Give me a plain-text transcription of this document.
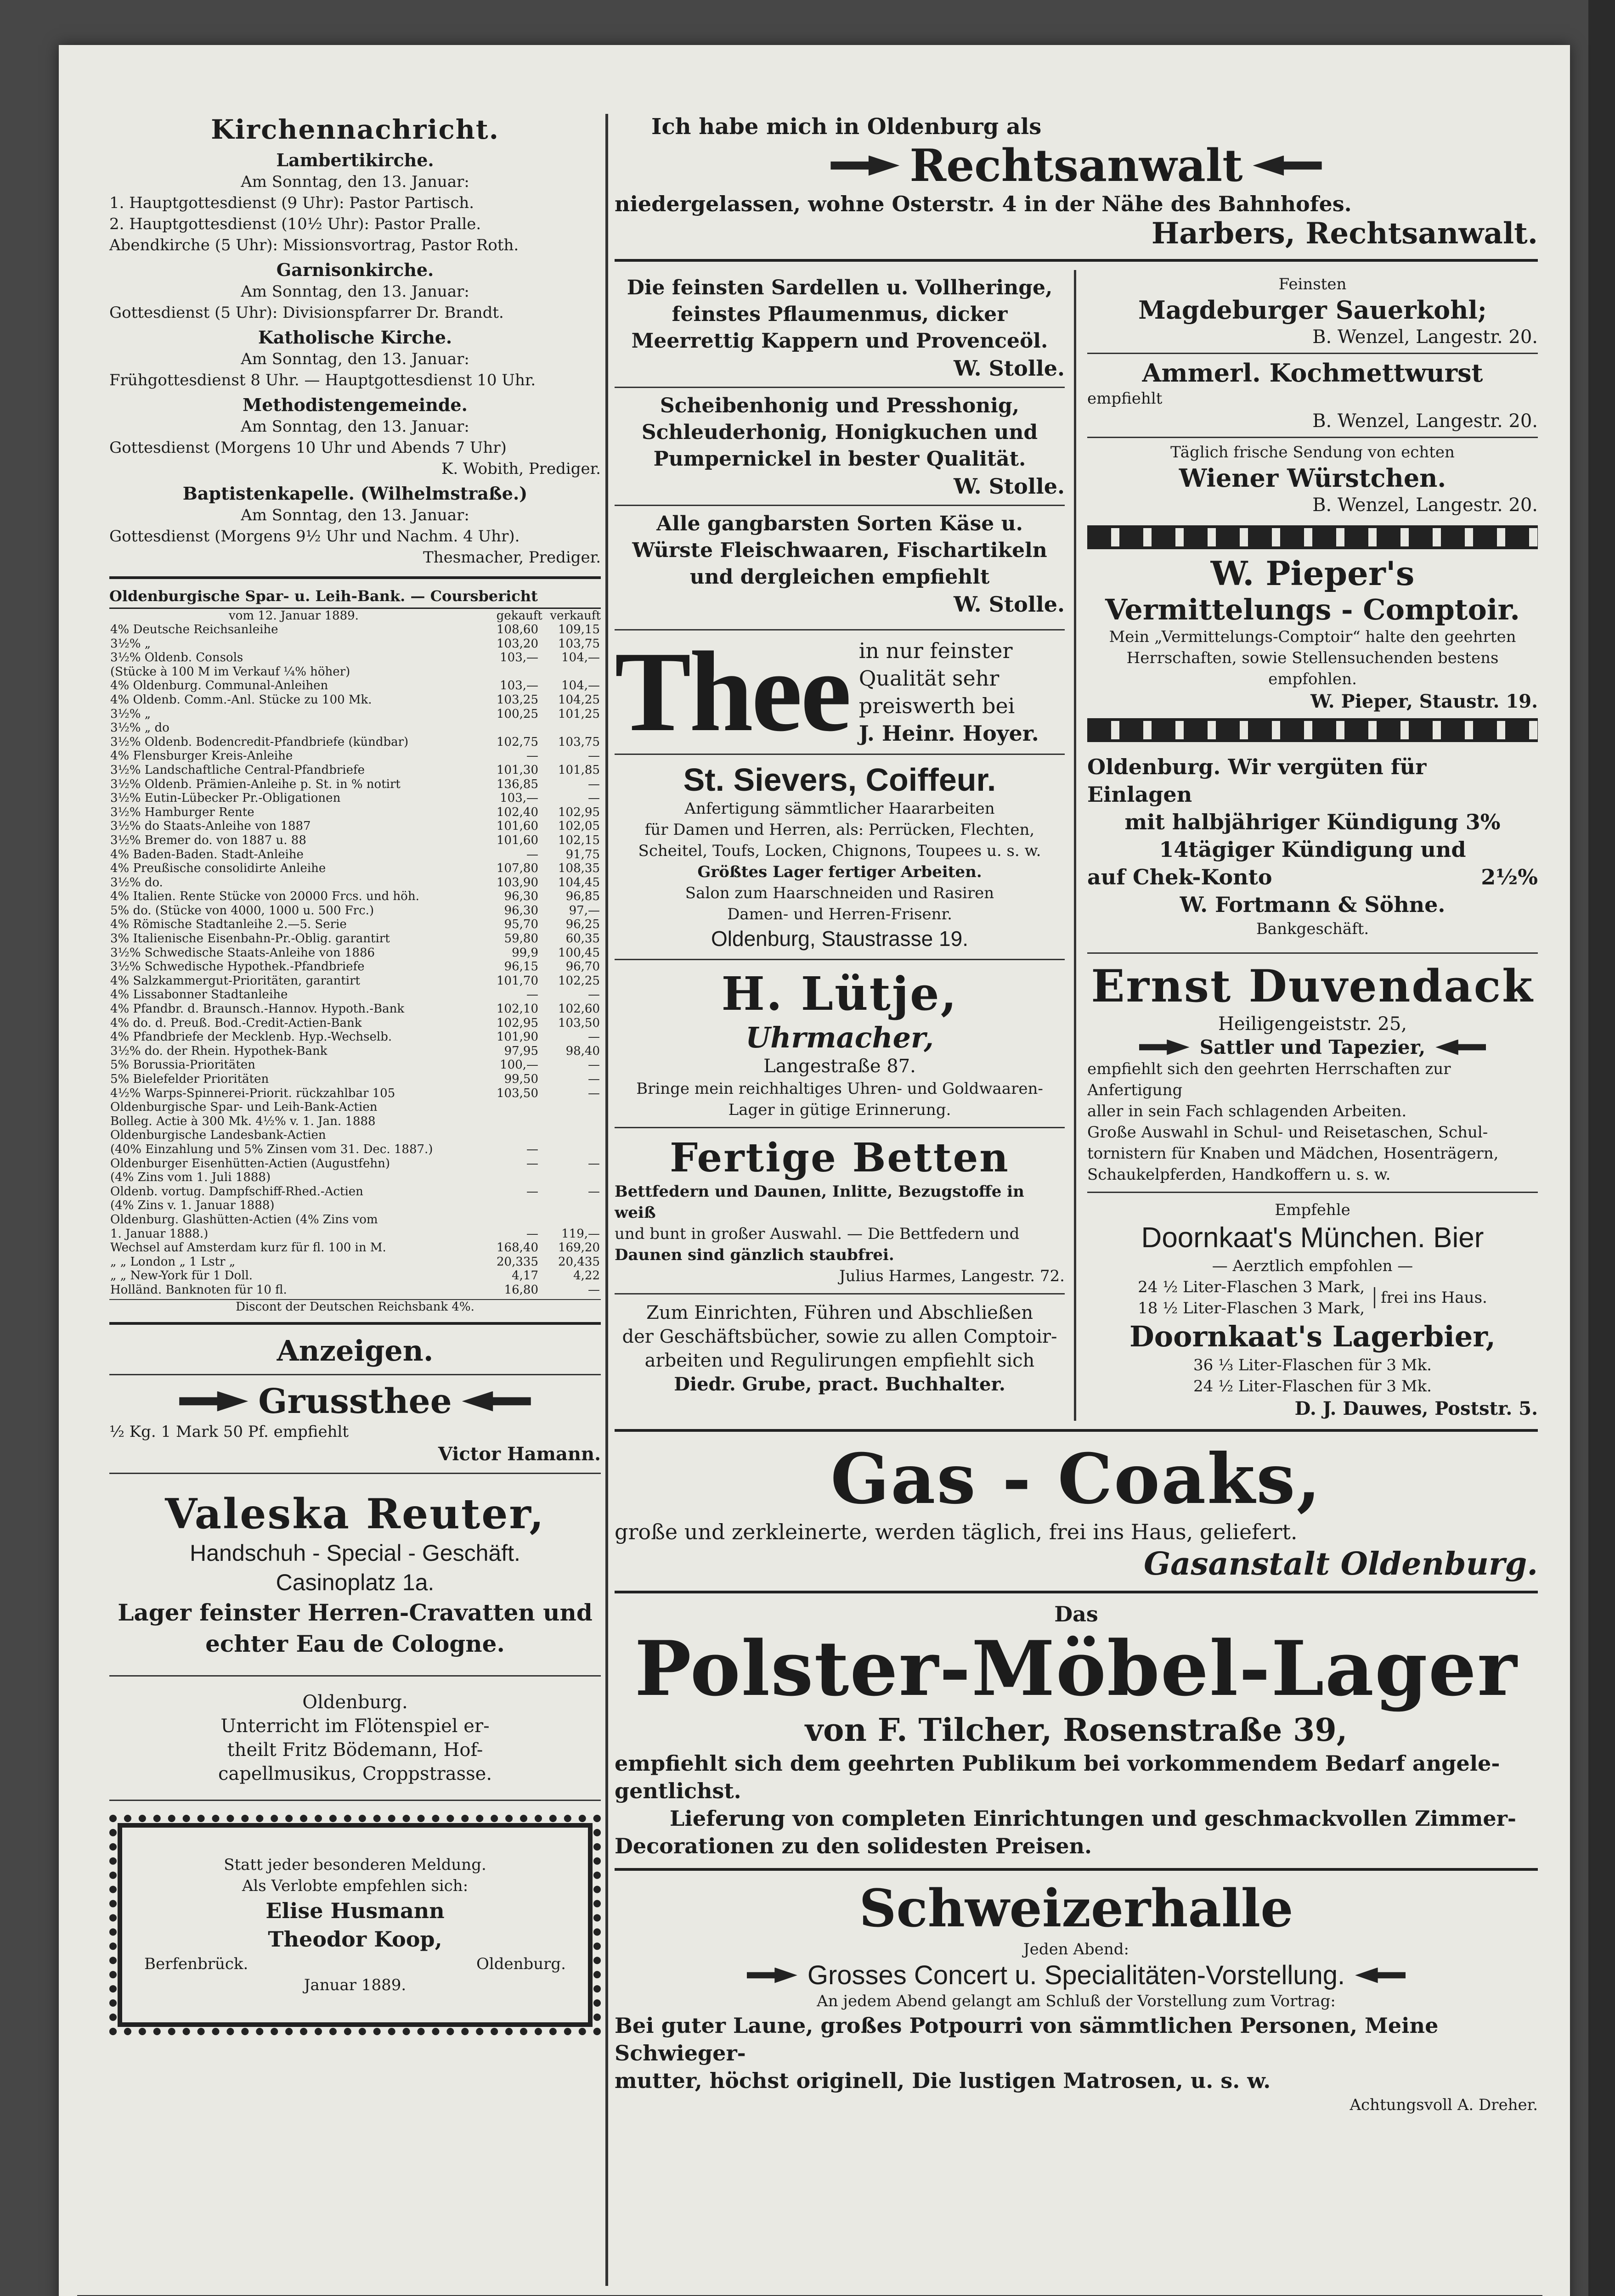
Kirchennachricht.
Lambertikirche.
Am Sonntag, den 13. Januar:
1. Hauptgottesdienst (9 Uhr): Pastor Partisch.
2. Hauptgottesdienst (10½ Uhr): Pastor Pralle.
Abendkirche (5 Uhr): Missionsvortrag, Pastor Roth.
Garnisonkirche.
Am Sonntag, den 13. Januar:
Gottesdienst (5 Uhr): Divisionspfarrer Dr. Brandt.
Katholische Kirche.
Am Sonntag, den 13. Januar:
Frühgottesdienst 8 Uhr. — Hauptgottesdienst 10 Uhr.
Methodistengemeinde.
Am Sonntag, den 13. Januar:
Gottesdienst (Morgens 10 Uhr und Abends 7 Uhr)
K. Wobith, Prediger.
Baptistenkapelle. (Wilhelmstraße.)
Am Sonntag, den 13. Januar:
Gottesdienst (Morgens 9½ Uhr und Nachm. 4 Uhr).
Thesmacher, Prediger.
Oldenburgische Spar- u. Leih-Bank. — Coursbericht
vom 12. Januar 1889.	gekauft verkauft
4% Deutsche Reichsanleihe	108,60	109,15
3½% „	103,20	103,75
3½% Oldenb. Consols	103,—	104,—
(Stücke à 100 M im Verkauf ¼% höher)		
4% Oldenburg. Communal-Anleihen	103,—	104,—
4% Oldenb. Comm.-Anl. Stücke zu 100 Mk.	103,25	104,25
3½% „	100,25	101,25
3½% „ do		
3½% Oldenb. Bodencredit-Pfandbriefe (kündbar)	102,75	103,75
4% Flensburger Kreis-Anleihe	—	—
3½% Landschaftliche Central-Pfandbriefe	101,30	101,85
3½% Oldenb. Prämien-Anleihe p. St. in % notirt	136,85	—
3½% Eutin-Lübecker Pr.-Obligationen	103,—	—
3½% Hamburger Rente	102,40	102,95
3½% do Staats-Anleihe von 1887	101,60	102,05
3½% Bremer do. von 1887 u. 88	101,60	102,15
4% Baden-Baden. Stadt-Anleihe	—	91,75
4% Preußische consolidirte Anleihe	107,80	108,35
3½% do.	103,90	104,45
4% Italien. Rente Stücke von 20000 Frcs. und höh.	96,30	96,85
5% do. (Stücke von 4000, 1000 u. 500 Frc.)	96,30	97,—
4% Römische Stadtanleihe 2.—5. Serie	95,70	96,25
3% Italienische Eisenbahn-Pr.-Oblig. garantirt	59,80	60,35
3½% Schwedische Staats-Anleihe von 1886	99,9	100,45
3½% Schwedische Hypothek.-Pfandbriefe	96,15	96,70
4% Salzkammergut-Prioritäten, garantirt	101,70	102,25
4% Lissabonner Stadtanleihe	—	—
4% Pfandbr. d. Braunsch.-Hannov. Hypoth.-Bank	102,10	102,60
4% do. d. Preuß. Bod.-Credit-Actien-Bank	102,95	103,50
4% Pfandbriefe der Mecklenb. Hyp.-Wechselb.	101,90	—
3½% do. der Rhein. Hypothek-Bank	97,95	98,40
5% Borussia-Prioritäten	100,—	—
5% Bielefelder Prioritäten	99,50	—
4½% Warps-Spinnerei-Priorit. rückzahlbar 105	103,50	—
Oldenburgische Spar- und Leih-Bank-Actien		
Bolleg. Actie à 300 Mk. 4½% v. 1. Jan. 1888		
Oldenburgische Landesbank-Actien		
(40% Einzahlung und 5% Zinsen vom 31. Dec. 1887.)	—	
Oldenburger Eisenhütten-Actien (Augustfehn)	—	—
(4% Zins vom 1. Juli 1888)		
Oldenb. vortug. Dampfschiff-Rhed.-Actien	—	—
(4% Zins v. 1. Januar 1888)		
Oldenburg. Glashütten-Actien (4% Zins vom		
1. Januar 1888.)	—	119,—
Wechsel auf Amsterdam kurz für fl. 100 in M.	168,40	169,20
„ „ London „ 1 Lstr „	20,335	20,435
„ „ New-York für 1 Doll.	4,17	4,22
Holländ. Banknoten für 10 fl.	16,80	—
Discont der Deutschen Reichsbank 4%.
Anzeigen.
Grussthee
½ Kg. 1 Mark 50 Pf. empfiehlt
Victor Hamann.
Valeska Reuter,
Handschuh - Special - Geschäft.
Casinoplatz 1a.
Lager feinster Herren-Cravatten und
echter Eau de Cologne.
Oldenburg.
Unterricht im Flötenspiel er-
theilt Fritz Bödemann, Hof-
capellmusikus, Croppstrasse.
Statt jeder besonderen Meldung.
Als Verlobte empfehlen sich:
Elise Husmann
Theodor Koop,
Berfenbrück.	Oldenburg.
Januar 1889.
Ich habe mich in Oldenburg als
Rechtsanwalt
niedergelassen, wohne Osterstr. 4 in der Nähe des Bahnhofes.
Harbers, Rechtsanwalt.
Die feinsten Sardellen u. Vollheringe, feinstes Pflaumenmus, dicker Meerrettig Kappern und Provenceöl.
W. Stolle.
Scheibenhonig und Presshonig, Schleuderhonig, Honigkuchen und Pumpernickel in bester Qualität.
W. Stolle.
Alle gangbarsten Sorten Käse u. Würste Fleischwaaren, Fischartikeln und dergleichen empfiehlt
W. Stolle.
Thee in nur feinster
Qualität sehr
preiswerth bei
J. Heinr. Hoyer.
St. Sievers, Coiffeur.
Anfertigung sämmtlicher Haararbeiten
für Damen und Herren, als: Perrücken, Flechten,
Scheitel, Toufs, Locken, Chignons, Toupees u. s. w.
Größtes Lager fertiger Arbeiten.
Salon zum Haarschneiden und Rasiren
Damen- und Herren-Frisenr.
Oldenburg, Staustrasse 19.
H. Lütje,
Uhrmacher,
Langestraße 87.
Bringe mein reichhaltiges Uhren- und Goldwaaren-
Lager in gütige Erinnerung.
Fertige Betten
Bettfedern und Daunen, Inlitte, Bezugstoffe in weiß
und bunt in großer Auswahl. — Die Bettfedern und
Daunen sind gänzlich staubfrei.
Julius Harmes, Langestr. 72.
Zum Einrichten, Führen und Abschließen
der Geschäftsbücher, sowie zu allen Comptoir-
arbeiten und Regulirungen empfiehlt sich
Diedr. Grube, pract. Buchhalter.
Feinsten
Magdeburger Sauerkohl;
B. Wenzel, Langestr. 20.
Ammerl. Kochmettwurst
empfiehlt
B. Wenzel, Langestr. 20.
Täglich frische Sendung von echten
Wiener Würstchen.
B. Wenzel, Langestr. 20.
W. Pieper's
Vermittelungs - Comptoir.
Mein „Vermittelungs-Comptoir“ halte den geehrten
Herrschaften, sowie Stellensuchenden bestens empfohlen.
W. Pieper, Staustr. 19.
Oldenburg. Wir vergüten für
Einlagen
mit halbjähriger Kündigung 3%
14tägiger Kündigung und
auf Chek-Konto	2½%
W. Fortmann & Söhne.
Bankgeschäft.
Ernst Duvendack
Heiligengeiststr. 25,
Sattler und Tapezier,
empfiehlt sich den geehrten Herrschaften zur Anfertigung
aller in sein Fach schlagenden Arbeiten.
Große Auswahl in Schul- und Reisetaschen, Schul-
tornistern für Knaben und Mädchen, Hosenträgern,
Schaukelpferden, Handkoffern u. s. w.
Empfehle
Doornkaat's München. Bier
— Aerztlich empfohlen —
24 ½ Liter-Flaschen 3 Mark,
18 ½ Liter-Flaschen 3 Mark,
frei ins Haus.
Doornkaat's Lagerbier,
36 ⅓ Liter-Flaschen für 3 Mk.
24 ½ Liter-Flaschen für 3 Mk.
D. J. Dauwes, Poststr. 5.
Gas - Coaks,
große und zerkleinerte, werden täglich, frei ins Haus, geliefert.
Gasanstalt Oldenburg.
Das
Polster-Möbel-Lager
von F. Tilcher, Rosenstraße 39,
empfiehlt sich dem geehrten Publikum bei vorkommendem Bedarf angele-
gentlichst.
Lieferung von completen Einrichtungen und geschmackvollen Zimmer-
Decorationen zu den solidesten Preisen.
Schweizerhalle
Jeden Abend:
Grosses Concert u. Specialitäten-Vorstellung.
An jedem Abend gelangt am Schluß der Vorstellung zum Vortrag:
Bei guter Laune, großes Potpourri von sämmtlichen Personen, Meine Schwieger-
mutter, höchst originell, Die lustigen Matrosen, u. s. w.
Achtungsvoll A. Dreher.
